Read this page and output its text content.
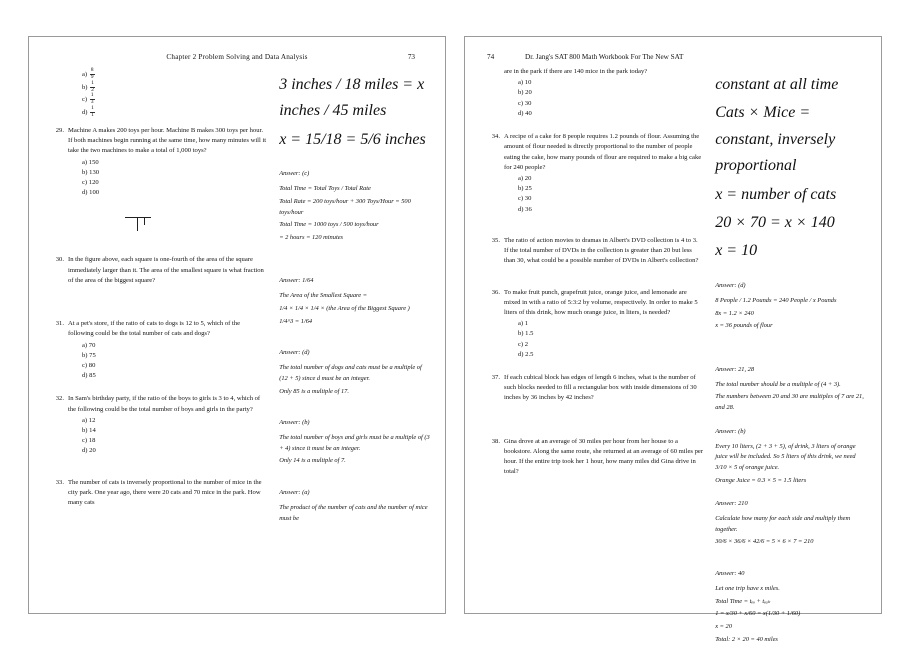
Chapter 2 Problem Solving and Data Analysis	73
$a) \frac{8}{9}$
$b) \frac{1}{2}$
$c) \frac{1}{3}$
$d) \frac{1}{1}$
29. Machine A makes 200 toys per hour. Machine B makes 300 toys per hour. If both machines begin running at the same time, how many minutes will it take the two machines to make a total of 1,000 toys?
a) 150
b) 130
c) 120
d) 100
30. In the figure above, each square is one-fourth of the area of the square immediately larger than it. The area of the smallest square is what fraction of the area of the biggest square?
31. At a pet's store, if the ratio of cats to dogs is 12 to 5, which of the following could be the total number of cats and dogs?
a) 70
b) 75
c) 80
d) 85
32. In Sam's birthday party, if the ratio of the boys to girls is 3 to 4, which of the following could be the total number of boys and girls in the party?
a) 12
b) 14
c) 18
d) 20
33. The number of cats is inversely proportional to the number of mice in the city park. One year ago, there were 20 cats and 70 mice in the park. How many cats
3 inches / 18 miles = x inches / 45 miles
x = 15/18 = 5/6 inches
Answer: (c)
Total Time = Total Toys / Total Rate
Total Rate = 200 toys/hour + 300 Toys/Hour = 500 toys/hour
Total Time = 1000 toys / 500 toys/hour
= 2 hours = 120 minutes
Answer: 1/64
The Area of the Smallest Square =
1/4 × 1/4 × 1/4 × (the Area of the Biggest Square )
1/4^3 = 1/64
Answer: (d)
The total number of dogs and cats must be a multiple of (12 + 5) since d must be an integer.
Only 85 is a multiple of 17.
Answer: (b)
The total number of boys and girls must be a multiple of (3 + 4) since it must be an integer.
Only 14 is a multiple of 7.
Answer: (a)
The product of the number of cats and the number of mice must be
74	Dr. Jang's SAT 800 Math Workbook For The New SAT
are in the park if there are 140 mice in the park today?
a) 10
b) 20
c) 30
d) 40
34. A recipe of a cake for 8 people requires 1.2 pounds of flour. Assuming the amount of flour needed is directly proportional to the number of people eating the cake, how many pounds of flour are required to make a big cake for 240 people?
a) 20
b) 25
c) 30
d) 36
35. The ratio of action movies to dramas in Albert's DVD collection is 4 to 3. If the total number of DVDs in the collection is greater than 20 but less than 30, what could be a possible number of DVDs in Albert's collection?
36. To make fruit punch, grapefruit juice, orange juice, and lemonade are mixed in with a ratio of 5:3:2 by volume, respectively. In order to make 5 liters of this drink, how much orange juice, in liters, is needed?
a) 1
b) 1.5
c) 2
d) 2.5
37. If each cubical block has edges of length 6 inches, what is the number of such blocks needed to fill a rectangular box with inside dimensions of 30 inches by 36 inches by 42 inches?
38. Gina drove at an average of 30 miles per hour from her house to a bookstore. Along the same route, she returned at an average of 60 miles per hour. If the entire trip took her 1 hour, how many miles did Gina drive in total?
constant at all time
Cats × Mice = constant, inversely proportional
x = number of cats
20 × 70 = x × 140
x = 10
Answer: (d)
8 People / 1.2 Pounds = 240 People / x Pounds
8x = 1.2 × 240
x = 36 pounds of flour
Answer: 21, 28
The total number should be a multiple of (4 + 3).
The numbers between 20 and 30 are multiples of 7 are 21, and 28.
Answer: (b)
Every 10 liters, (2 + 3 + 5), of drink, 3 liters of orange juice will be included. So 5 liters of this drink, we need 3/10 × 5 of orange juice.
Orange Juice = 0.3 × 5 = 1.5 liters
Answer: 210
Calculate how many for each side and multiply them together.
30/6 × 36/6 × 42/6 = 5 × 6 × 7 = 210
Answer: 40
Let one trip have x miles.
Total Time = tₑₒ + tₑₐₖ
1 = x/30 + x/60 = x(1/30 + 1/60)
x = 20
Total: 2 × 20 = 40 miles
